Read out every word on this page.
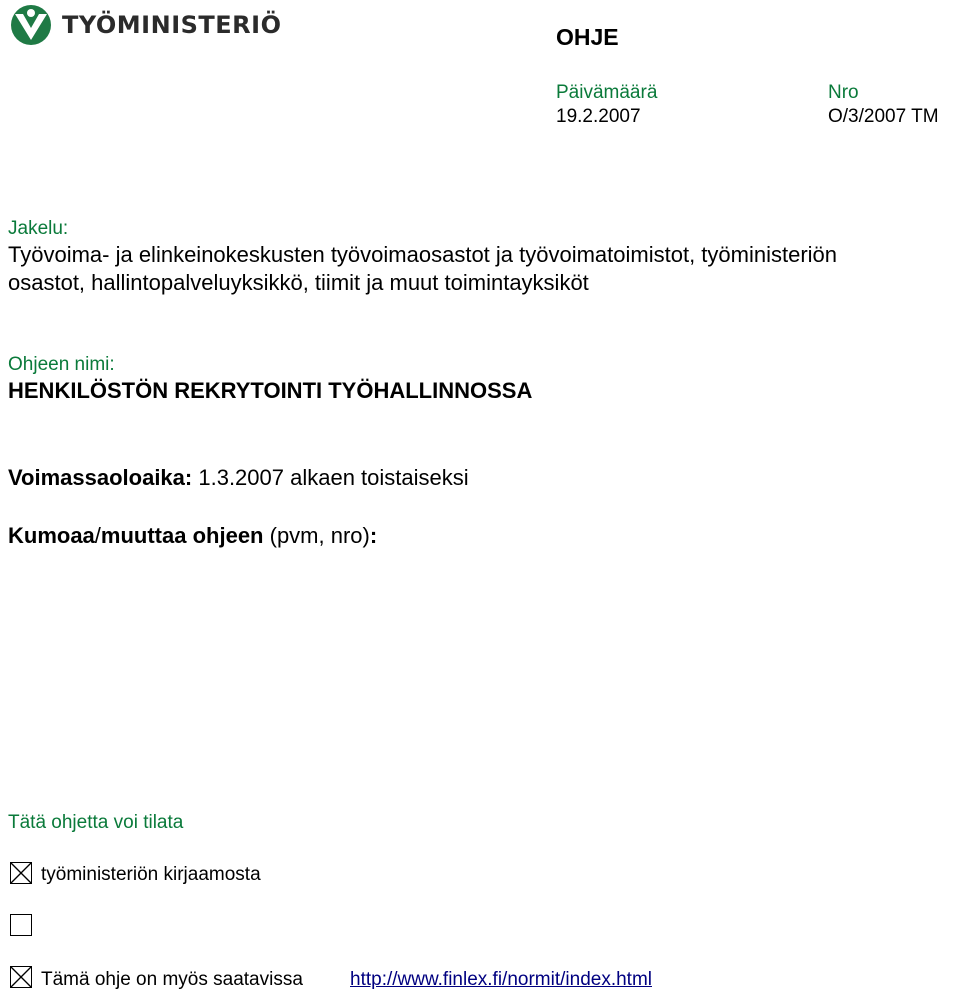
TYÖMINISTERIÖ	OHJE
Päivämäärä
19.2.2007
Nro
O/3/2007 TM
Jakelu:
Työvoima- ja elinkeinokeskusten työvoimaosastot ja työvoimatoimistot, työministeriön
osastot, hallintopalveluyksikkö, tiimit ja muut toimintayksiköt
Ohjeen nimi:
HENKILÖSTÖN REKRYTOINTI TYÖHALLINNOSSA
Voimassaoloaika: 1.3.2007 alkaen toistaiseksi
Kumoaa/muuttaa ohjeen (pvm, nro):
Tätä ohjetta voi tilata
työministeriön kirjaamosta
Tämä ohje on myös saatavissa http://www.finlex.fi/normit/index.html
